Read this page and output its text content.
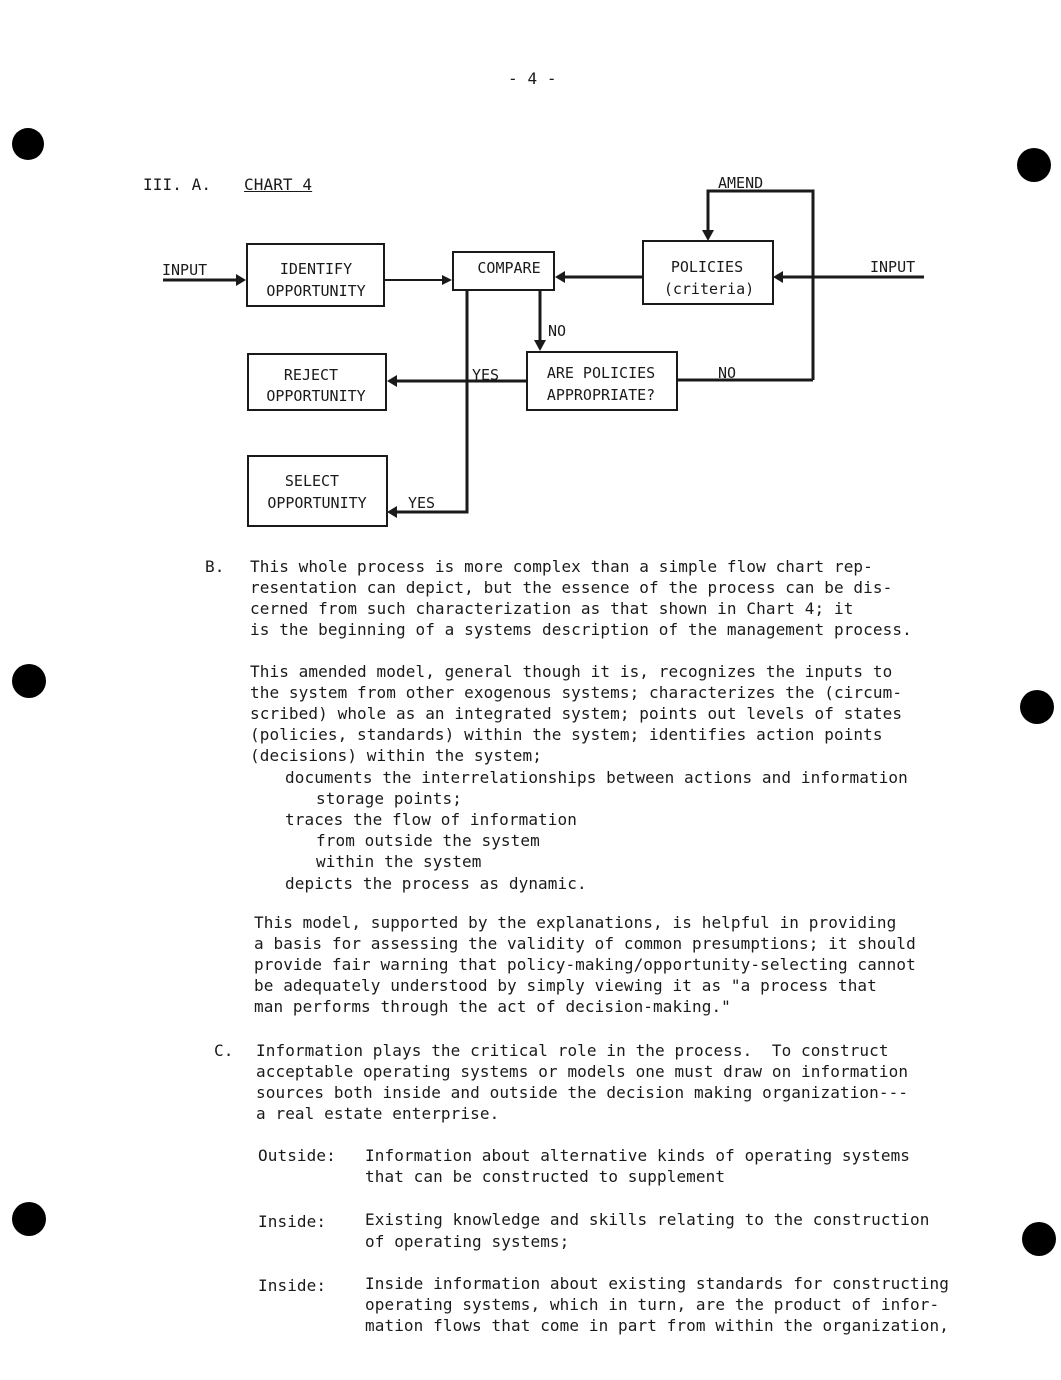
- 4 -
III. A. CHART 4	AMEND
INPUT	INPUT
IDENTIFY
OPPORTUNITY
COMPARE	POLICIES
(criteria)
NO
REJECT
OPPORTUNITY
YES	ARE POLICIES
APPROPRIATE?
NO
SELECT
OPPORTUNITY	YES
B. This whole process is more complex than a simple flow chart rep-
resentation can depict, but the essence of the process can be dis-
cerned from such characterization as that shown in Chart 4; it
is the beginning of a systems description of the management process.
This amended model, general though it is, recognizes the inputs to
the system from other exogenous systems; characterizes the (circum-
scribed) whole as an integrated system; points out levels of states
(policies, standards) within the system; identifies action points
(decisions) within the system;
documents the interrelationships between actions and information
storage points;
traces the flow of information
from outside the system
within the system
depicts the process as dynamic.
This model, supported by the explanations, is helpful in providing
a basis for assessing the validity of common presumptions; it should
provide fair warning that policy-making/opportunity-selecting cannot
be adequately understood by simply viewing it as "a process that
man performs through the act of decision-making."
C. Information plays the critical role in the process.  To construct
acceptable operating systems or models one must draw on information
sources both inside and outside the decision making organization---
a real estate enterprise.
Outside: Information about alternative kinds of operating systems
that can be constructed to supplement
Inside: Existing knowledge and skills relating to the construction
of operating systems;
Inside: Inside information about existing standards for constructing
operating systems, which in turn, are the product of infor-
mation flows that come in part from within the organization,
